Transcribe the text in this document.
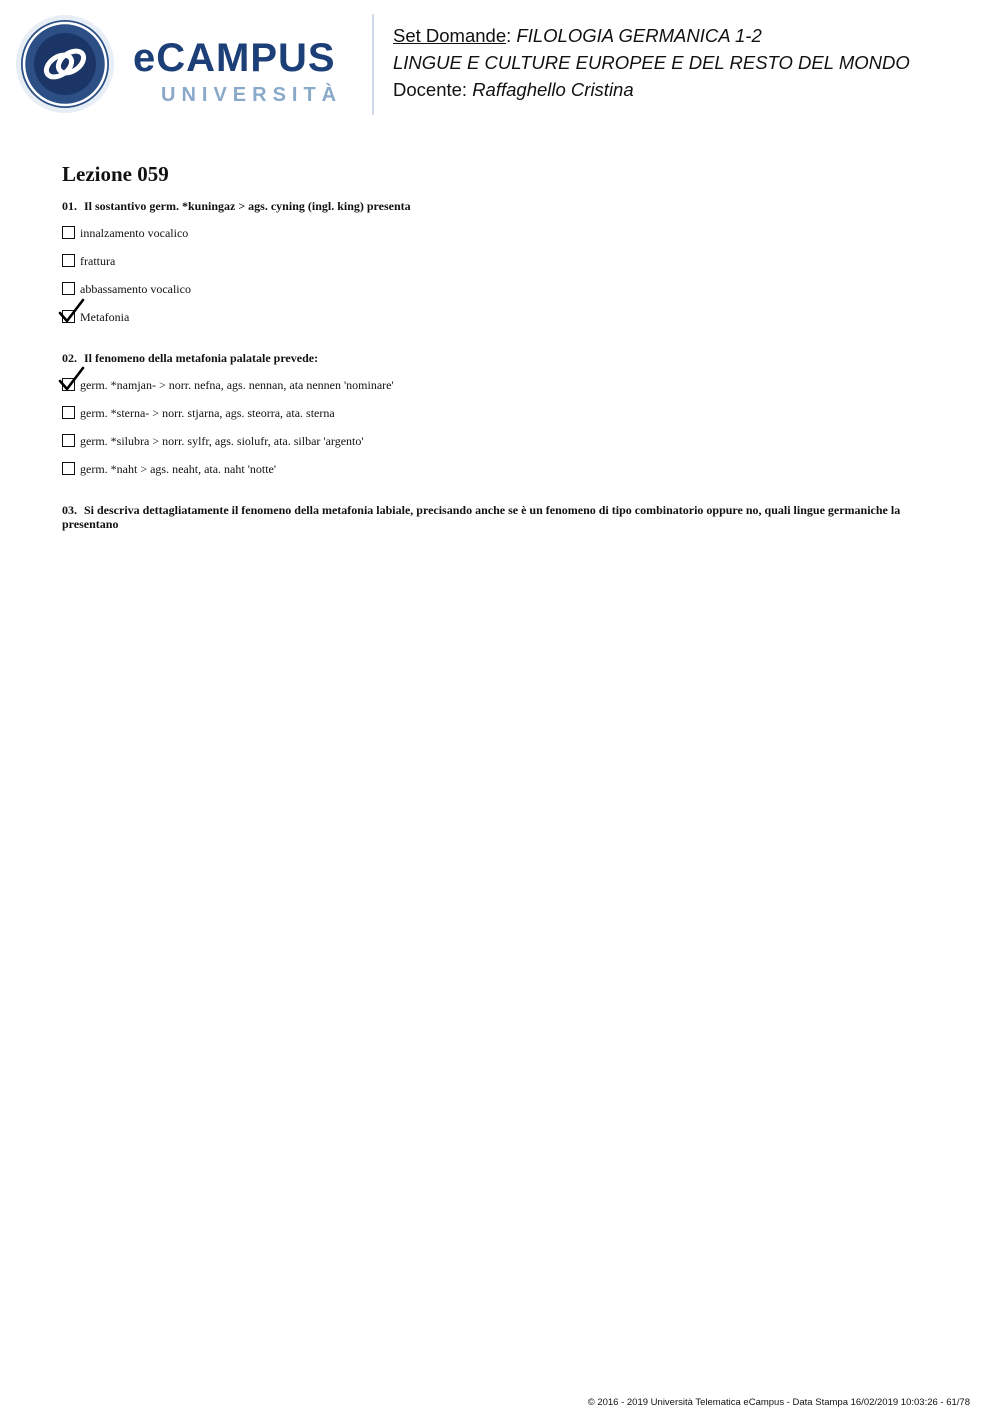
eCAMPUS
UNIVERSITÀ
Set Domande: FILOLOGIA GERMANICA 1-2
LINGUE E CULTURE EUROPEE E DEL RESTO DEL MONDO
Docente: Raffaghello Cristina
Lezione 059

01. Il sostantivo germ. *kuningaz > ags. cyning (ingl. king) presenta

innalzamento vocalico
frattura
abbassamento vocalico
Metafonia

02. Il fenomeno della metafonia palatale prevede:

germ. *namjan- > norr. nefna, ags. nennan, ata nennen 'nominare'
germ. *sterna- > norr. stjarna, ags. steorra, ata. sterna
germ. *silubra > norr. sylfr, ags. siolufr, ata. silbar 'argento'
germ. *naht > ags. neaht, ata. naht 'notte'

03. Si descriva dettagliatamente il fenomeno della metafonia labiale, precisando anche se è un fenomeno di tipo combinatorio oppure no, quali lingue germaniche la presentano

© 2016 - 2019 Università Telematica eCampus - Data Stampa 16/02/2019 10:03:26 - 61/78
